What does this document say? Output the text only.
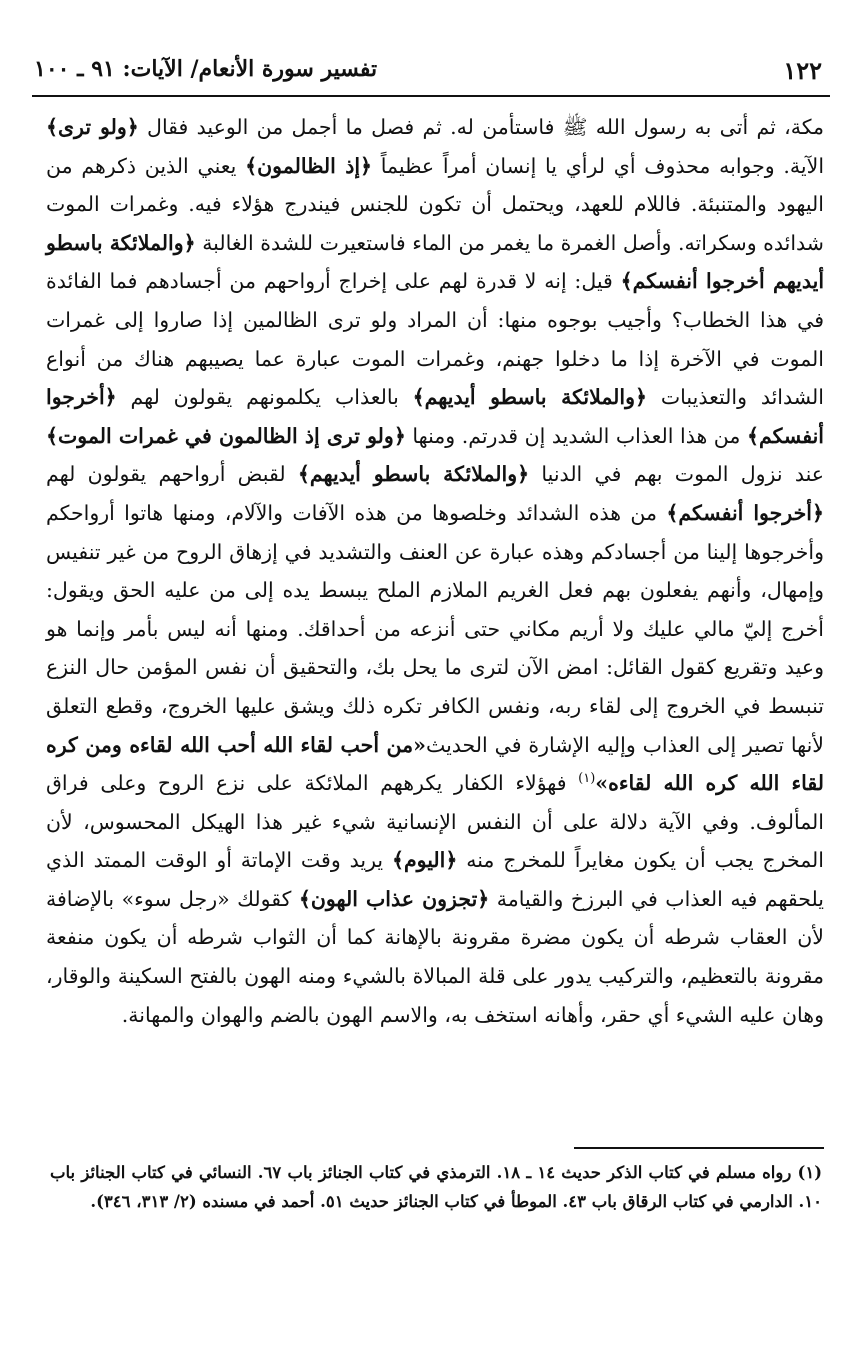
١٢٢
تفسير سورة الأنعام/ الآيات: ٩١ ـ ١٠٠

مكة، ثم أتى به رسول الله ﷺ فاستأمن له. ثم فصل ما أجمل من الوعيد فقال ﴿ولو ترى﴾ الآية. وجوابه محذوف أي لرأي يا إنسان أمراً عظيماً ﴿إذ الظالمون﴾ يعني الذين ذكرهم من اليهود والمتنبئة. فاللام للعهد، ويحتمل أن تكون للجنس فيندرج هؤلاء فيه. وغمرات الموت شدائده وسكراته. وأصل الغمرة ما يغمر من الماء فاستعيرت للشدة الغالبة ﴿والملائكة باسطو أيديهم أخرجوا أنفسكم﴾ قيل: إنه لا قدرة لهم على إخراج أرواحهم من أجسادهم فما الفائدة في هذا الخطاب؟ وأجيب بوجوه منها: أن المراد ولو ترى الظالمين إذا صاروا إلى غمرات الموت في الآخرة إذا ما دخلوا جهنم، وغمرات الموت عبارة عما يصيبهم هناك من أنواع الشدائد والتعذيبات ﴿والملائكة باسطو أيديهم﴾ بالعذاب يكلمونهم يقولون لهم ﴿أخرجوا أنفسكم﴾ من هذا العذاب الشديد إن قدرتم. ومنها ﴿ولو ترى إذ الظالمون في غمرات الموت﴾ عند نزول الموت بهم في الدنيا ﴿والملائكة باسطو أيديهم﴾ لقبض أرواحهم يقولون لهم ﴿أخرجوا أنفسكم﴾ من هذه الشدائد وخلصوها من هذه الآفات والآلام، ومنها هاتوا أرواحكم وأخرجوها إلينا من أجسادكم وهذه عبارة عن العنف والتشديد في إزهاق الروح من غير تنفيس وإمهال، وأنهم يفعلون بهم فعل الغريم الملازم الملح يبسط يده إلى من عليه الحق ويقول: أخرج إليّ مالي عليك ولا أريم مكاني حتى أنزعه من أحداقك. ومنها أنه ليس بأمر وإنما هو وعيد وتقريع كقول القائل: امض الآن لترى ما يحل بك، والتحقيق أن نفس المؤمن حال النزع تنبسط في الخروج إلى لقاء ربه، ونفس الكافر تكره ذلك ويشق عليها الخروج، وقطع التعلق لأنها تصير إلى العذاب وإليه الإشارة في الحديث«من أحب لقاء الله أحب الله لقاءه ومن كره لقاء الله كره الله لقاءه»$^{(١)}$ فهؤلاء الكفار يكرههم الملائكة على نزع الروح وعلى فراق المألوف. وفي الآية دلالة على أن النفس الإنسانية شيء غير هذا الهيكل المحسوس، لأن المخرج يجب أن يكون مغايراً للمخرج منه ﴿اليوم﴾ يريد وقت الإماتة أو الوقت الممتد الذي يلحقهم فيه العذاب في البرزخ والقيامة ﴿تجزون عذاب الهون﴾ كقولك «رجل سوء» بالإضافة لأن العقاب شرطه أن يكون مضرة مقرونة بالإهانة كما أن الثواب شرطه أن يكون منفعة مقرونة بالتعظيم، والتركيب يدور على قلة المبالاة بالشيء ومنه الهون بالفتح السكينة والوقار، وهان عليه الشيء أي حقر، وأهانه استخف به، والاسم الهون بالضم والهوان والمهانة.

(١) رواه مسلم في كتاب الذكر حديث ١٤ ـ ١٨. الترمذي في كتاب الجنائز باب ٦٧. النسائي في كتاب الجنائز باب ١٠. الدارمي في كتاب الرقاق باب ٤٣. الموطأ في كتاب الجنائز حديث ٥١. أحمد في مسنده (٢/ ٣١٣، ٣٤٦).
